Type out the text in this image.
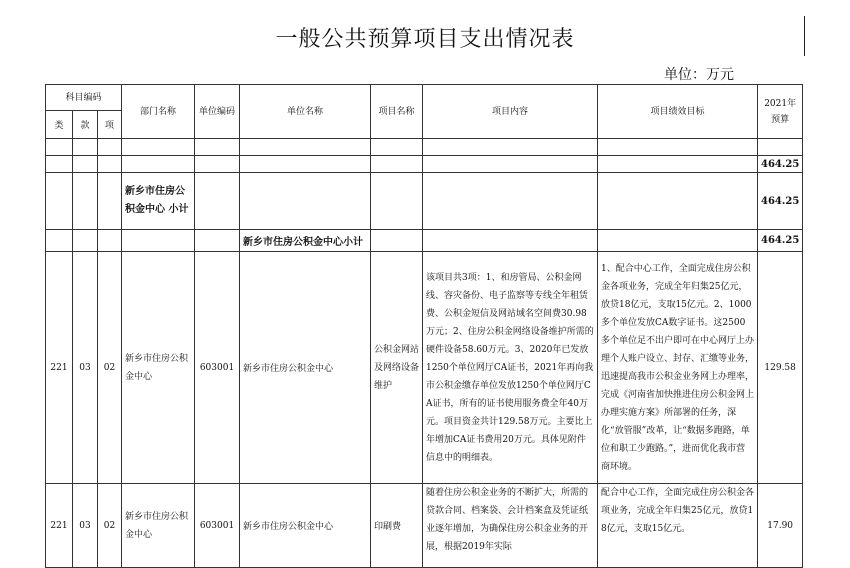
一般公共预算项目支出情况表
单位：万元
科目编码			部门名称	单位编码	单位名称	项目名称	项目内容	项目绩效目标	2021年预算
类	款	项							

									464.25
			新乡市住房公积金中心 小计						464.25
					新乡市住房公积金中心小计				464.25
221	03	02	新乡市住房公积金中心	603001	新乡市住房公积金中心	公积金网站及网络设备维护	该项目共3项：1、和房管局、公积金网线、容灾备份、电子监察等专线全年租赁费、公积金短信及网站域名空间费30.98万元；2、住房公积金网络设备维护所需的硬件设备58.60万元。3、2020年已发放1250个单位网厅CA证书，2021年再向我市公积金缴存单位发放1250个单位网厅CA证书，所有的证书使用服务费全年40万元。项目资金共计129.58万元。主要比上年增加CA证书费用20万元。具体见附件信息中的明细表。	1、配合中心工作，全面完成住房公积金各项业务，完成全年归集25亿元，放贷18亿元，支取15亿元。2、1000多个单位发放CA数字证书。这2500多个单位足不出户即可在中心网厅上办理个人账户设立、封存、汇缴等业务，迅速提高我市公积金业务网上办理率，完成《河南省加快推进住房公积金网上办理实施方案》所部署的任务，深化“放管服”改革，让“数据多跑路，单位和职工少跑路。”，进而优化我市营商环境。	129.58
221	03	02	新乡市住房公积金中心	603001	新乡市住房公积金中心	印刷费	随着住房公积金业务的不断扩大，所需的贷款合同、档案袋、会计档案盒及凭证纸业逐年增加，为确保住房公积金业务的开展，根据2019年实际	配合中心工作，全面完成住房公积金各项业务，完成全年归集25亿元，放贷18亿元，支取15亿元。	17.90
